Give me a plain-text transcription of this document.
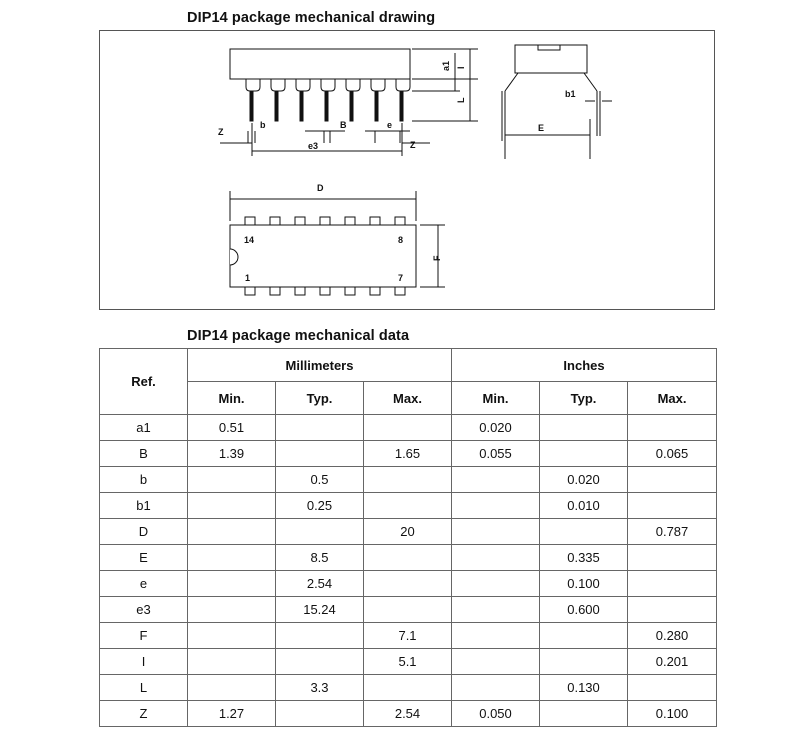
DIP14 package mechanical drawing
Z
b	B	e
e3	Z
a1 I
L
b1
E
D
F
14	8
1	7
DIP14 package mechanical data
Ref.	Millimeters			Inches		
	Min.	Typ.	Max.	Min.	Typ.	Max.
a1	0.51			0.020		
B	1.39		1.65	0.055		0.065
b		0.5			0.020	
b1		0.25			0.010	
D			20			0.787
E		8.5			0.335	
e		2.54			0.100	
e3		15.24			0.600	
F			7.1			0.280
I			5.1			0.201
L		3.3			0.130	
Z	1.27		2.54	0.050		0.100
